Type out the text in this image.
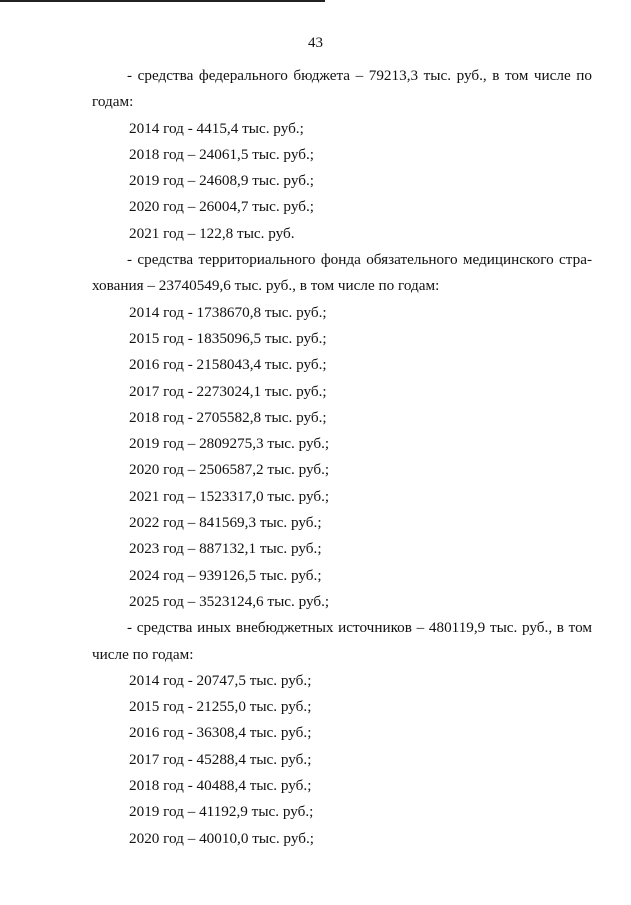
43
- средства федерального бюджета – 79213,3 тыс. руб., в том числе по
годам:
2014 год - 4415,4 тыс. руб.;
2018 год – 24061,5 тыс. руб.;
2019 год – 24608,9 тыс. руб.;
2020 год – 26004,7 тыс. руб.;
2021 год – 122,8 тыс. руб.
- средства территориального фонда обязательного медицинского стра-
хования – 23740549,6 тыс. руб., в том числе по годам:
2014 год - 1738670,8 тыс. руб.;
2015 год - 1835096,5 тыс. руб.;
2016 год - 2158043,4 тыс. руб.;
2017 год - 2273024,1 тыс. руб.;
2018 год - 2705582,8 тыс. руб.;
2019 год – 2809275,3 тыс. руб.;
2020 год – 2506587,2 тыс. руб.;
2021 год – 1523317,0 тыс. руб.;
2022 год – 841569,3 тыс. руб.;
2023 год – 887132,1 тыс. руб.;
2024 год – 939126,5 тыс. руб.;
2025 год – 3523124,6 тыс. руб.;
- средства иных внебюджетных источников – 480119,9 тыс. руб., в том
числе по годам:
2014 год - 20747,5 тыс. руб.;
2015 год - 21255,0 тыс. руб.;
2016 год - 36308,4 тыс. руб.;
2017 год - 45288,4 тыс. руб.;
2018 год - 40488,4 тыс. руб.;
2019 год – 41192,9 тыс. руб.;
2020 год – 40010,0 тыс. руб.;
